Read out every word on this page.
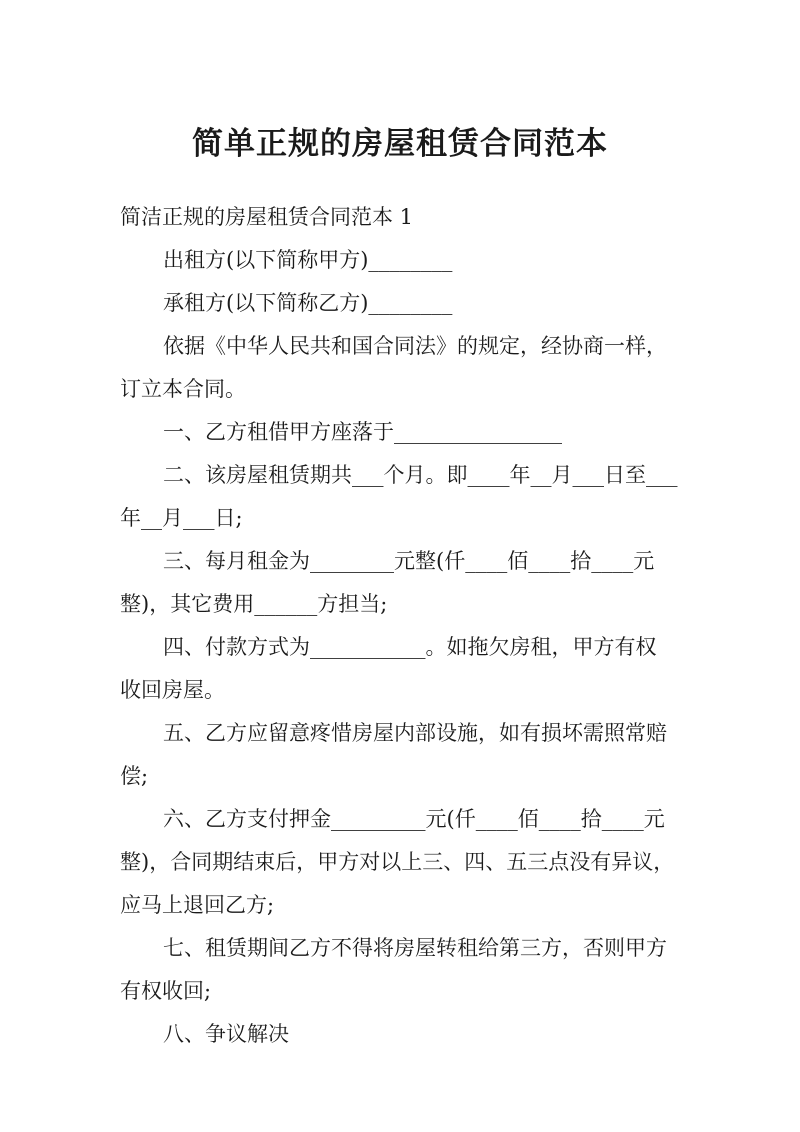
简单正规的房屋租赁合同范本

简洁正规的房屋租赁合同范本 1

出租方(以下简称甲方)________

承租方(以下简称乙方)________

依据《中华人民共和国合同法》的规定，经协商一样，

订立本合同。

一、乙方租借甲方座落于________________

二、该房屋租赁期共___个月。即____年__月___日至___

年__月___日;

三、每月租金为________元整(仟____佰____拾____元

整)，其它费用______方担当;

四、付款方式为___________。如拖欠房租，甲方有权

收回房屋。

五、乙方应留意疼惜房屋内部设施，如有损坏需照常赔

偿;

六、乙方支付押金_________元(仟____佰____拾____元

整)，合同期结束后，甲方对以上三、四、五三点没有异议，

应马上退回乙方;

七、租赁期间乙方不得将房屋转租给第三方，否则甲方

有权收回;

八、争议解决
